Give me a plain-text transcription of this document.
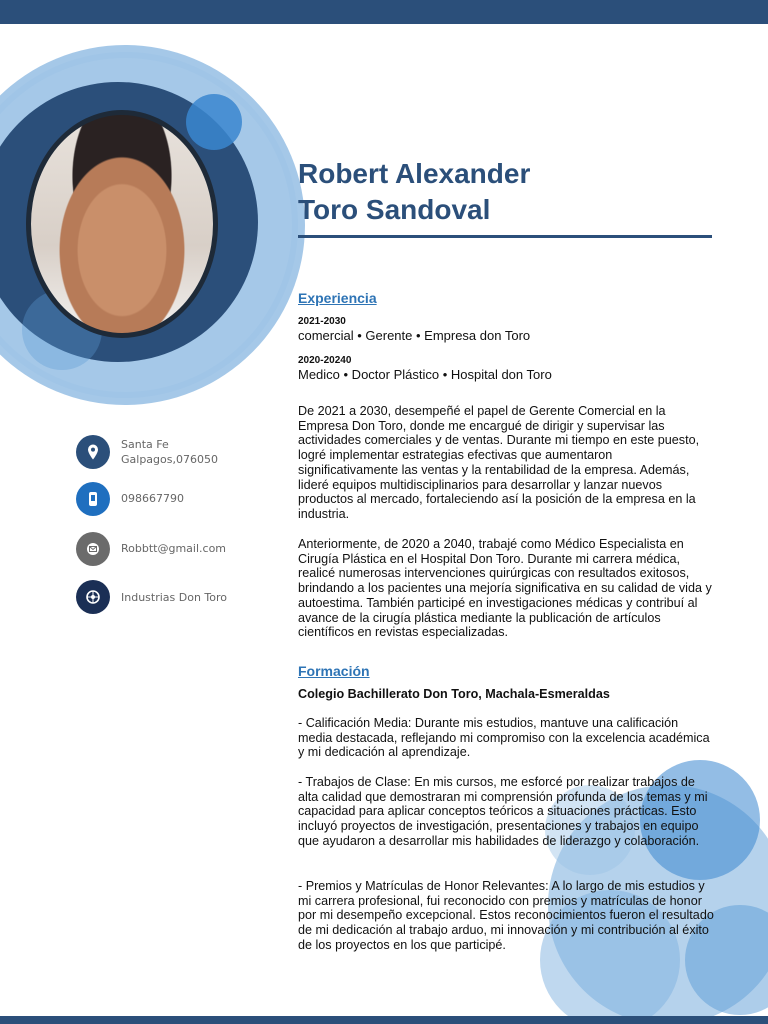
Robert Alexander
Toro Sandoval
Santa Fe
Galpagos,076050
098667790
Robbtt@gmail.com
Industrias Don Toro
Experiencia
2021-2030
comercial • Gerente • Empresa don Toro
2020-20240
Medico • Doctor Plástico • Hospital don Toro
De 2021 a 2030, desempeñé el papel de Gerente Comercial en la Empresa Don Toro, donde me encargué de dirigir y supervisar las actividades comerciales y de ventas. Durante mi tiempo en este puesto, logré implementar estrategias efectivas que aumentaron significativamente las ventas y la rentabilidad de la empresa. Además, lideré equipos multidisciplinarios para desarrollar y lanzar nuevos productos al mercado, fortaleciendo así la posición de la empresa en la industria.
Anteriormente, de 2020 a 2040, trabajé como Médico Especialista en Cirugía Plástica en el Hospital Don Toro. Durante mi carrera médica, realicé numerosas intervenciones quirúrgicas con resultados exitosos, brindando a los pacientes una mejoría significativa en su calidad de vida y autoestima. También participé en investigaciones médicas y contribuí al avance de la cirugía plástica mediante la publicación de artículos científicos en revistas especializadas.
Formación
Colegio Bachillerato Don Toro, Machala-Esmeraldas
- Calificación Media: Durante mis estudios, mantuve una calificación media destacada, reflejando mi compromiso con la excelencia académica y mi dedicación al aprendizaje.
- Trabajos de Clase: En mis cursos, me esforcé por realizar trabajos de alta calidad que demostraran mi comprensión profunda de los temas y mi capacidad para aplicar conceptos teóricos a situaciones prácticas. Esto incluyó proyectos de investigación, presentaciones y trabajos en equipo que ayudaron a desarrollar mis habilidades de liderazgo y colaboración.
- Premios y Matrículas de Honor Relevantes: A lo largo de mis estudios y mi carrera profesional, fui reconocido con premios y matrículas de honor por mi desempeño excepcional. Estos reconocimientos fueron el resultado de mi dedicación al trabajo arduo, mi innovación y mi contribución al éxito de los proyectos en los que participé.
